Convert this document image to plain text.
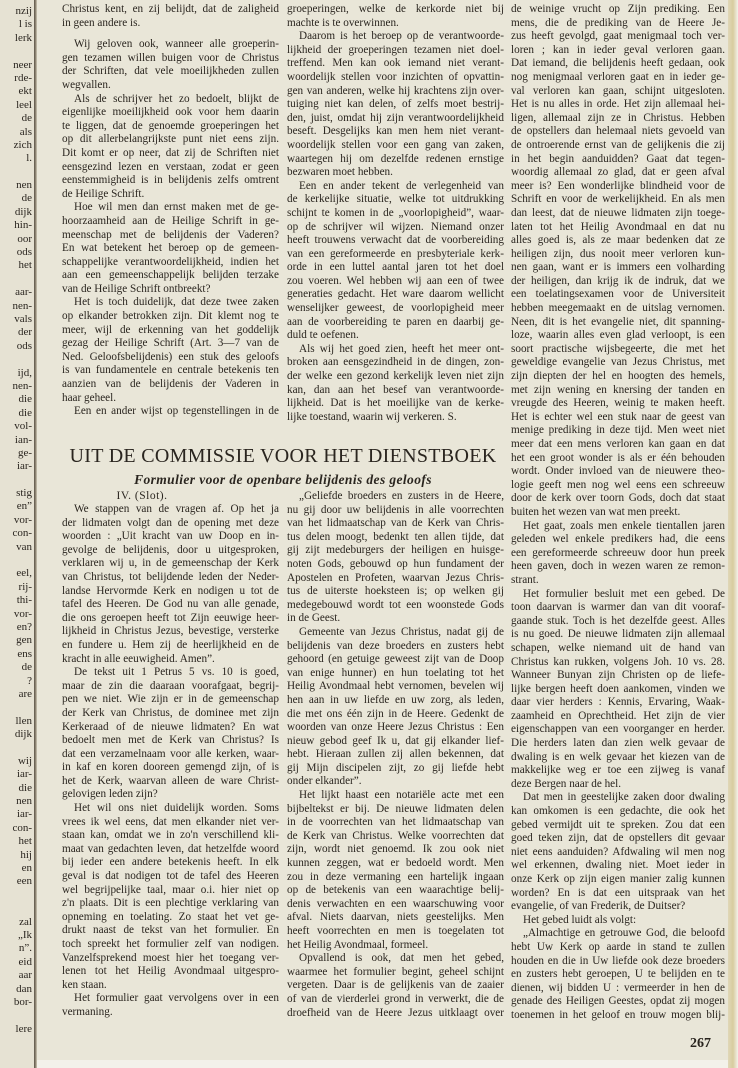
nzij
l is
lerk
neer
rde-
ekt
leel
de
als
zich
l.
nen
de
dijk
hin-
oor
ods
het
aar-
nen-
vals
der
ods
ijd,
nen-
die
die
vol-
ian-
ge-
iar-
stig
en”
vor-
con-
van
eel,
rij-
thi-
vor-
en?
gen
ens
de
?
are
llen
dijk
wij
iar-
die
nen
iar-
con-
het
hij
en
een
zal
„Ik
n”.
eid
aar
dan
bor-
lere
Christus kent, en zij belijdt, dat de zaligheid
in geen andere is.
Wij geloven ook, wanneer alle groeperin-
gen tezamen willen buigen voor de Christus
der Schriften, dat vele moeilijkheden zullen
wegvallen.
Als de schrijver het zo bedoelt, blijkt de
eigenlijke moeilijkheid ook voor hem daarin
te liggen, dat de genoemde groeperingen het
op dit allerbelangrijkste punt niet eens zijn.
Dit komt er op neer, dat zij de Schriften niet
eensgezind lezen en verstaan, zodat er geen
eenstemmigheid is in belijdenis zelfs omtrent
de Heilige Schrift.
Hoe wil men dan ernst maken met de ge-
hoorzaamheid aan de Heilige Schrift in ge-
meenschap met de belijdenis der Vaderen?
En wat betekent het beroep op de gemeen-
schappelijke verantwoordelijkheid, indien het
aan een gemeenschappelijk belijden terzake
van de Heilige Schrift ontbreekt?
Het is toch duidelijk, dat deze twee zaken
op elkander betrokken zijn. Dit klemt nog te
meer, wijl de erkenning van het goddelijk
gezag der Heilige Schrift (Art. 3—7 van de
Ned. Geloofsbelijdenis) een stuk des geloofs
is van fundamentele en centrale betekenis ten
aanzien van de belijdenis der Vaderen in
haar geheel.
Een en ander wijst op tegenstellingen in de
groeperingen, welke de kerkorde niet bij
machte is te overwinnen.
Daarom is het beroep op de verantwoorde-
lijkheid der groeperingen tezamen niet doel-
treffend. Men kan ook iemand niet verant-
woordelijk stellen voor inzichten of opvattin-
gen van anderen, welke hij krachtens zijn over-
tuiging niet kan delen, of zelfs moet bestrij-
den, juist, omdat hij zijn verantwoordelijkheid
beseft. Desgelijks kan men hem niet verant-
woordelijk stellen voor een gang van zaken,
waartegen hij om dezelfde redenen ernstige
bezwaren moet hebben.
Een en ander tekent de verlegenheid van
de kerkelijke situatie, welke tot uitdrukking
schijnt te komen in de „voorlopigheid”, waar-
op de schrijver wil wijzen. Niemand onzer
heeft trouwens verwacht dat de voorbereiding
van een gereformeerde en presbyteriale kerk-
orde in een luttel aantal jaren tot het doel
zou voeren. Wel hebben wij aan een of twee
generaties gedacht. Het ware daarom wellicht
wenselijker geweest, de voorlopigheid meer
aan de voorbereiding te paren en daarbij ge-
duld te oefenen.
Als wij het goed zien, heeft het meer ont-
broken aan eensgezindheid in de dingen, zon-
der welke een gezond kerkelijk leven niet zijn
kan, dan aan het besef van verantwoorde-
lijkheid. Dat is het moeilijke van de kerke-
lijke toestand, waarin wij verkeren. S.
de weinige vrucht op Zijn prediking. Een
mens, die de prediking van de Heere Je-
zus heeft gevolgd, gaat menigmaal toch ver-
loren ; kan in ieder geval verloren gaan.
Dat iemand, die belijdenis heeft gedaan, ook
nog menigmaal verloren gaat en in ieder ge-
val verloren kan gaan, schijnt uitgesloten.
Het is nu alles in orde. Het zijn allemaal hei-
ligen, allemaal zijn ze in Christus. Hebben
de opstellers dan helemaal niets gevoeld van
de ontroerende ernst van de gelijkenis die zij
in het begin aanduidden? Gaat dat tegen-
woordig allemaal zo glad, dat er geen afval
meer is? Een wonderlijke blindheid voor de
Schrift en voor de werkelijkheid. En als men
dan leest, dat de nieuwe lidmaten zijn toege-
laten tot het Heilig Avondmaal en dat nu
alles goed is, als ze maar bedenken dat ze
heiligen zijn, dus nooit meer verloren kun-
nen gaan, want er is immers een volharding
der heiligen, dan krijg ik de indruk, dat we
een toelatingsexamen voor de Universiteit
hebben meegemaakt en de uitslag vernomen.
Neen, dit is het evangelie niet, dit spanning-
loze, waarin alles even glad verloopt, is een
soort practische wijsbegeerte, die met het
geweldige evangelie van Jezus Christus, met
zijn diepten der hel en hoogten des hemels,
met zijn wening en knersing der tanden en
vreugde des Heeren, weinig te maken heeft.
Het is echter wel een stuk naar de geest van
menige prediking in deze tijd. Men weet niet
meer dat een mens verloren kan gaan en dat
het een groot wonder is als er één behouden
wordt. Onder invloed van de nieuwere theo-
logie geeft men nog wel eens een schreeuw
door de kerk over toorn Gods, doch dat staat
buiten het wezen van wat men preekt.
Het gaat, zoals men enkele tientallen jaren
geleden wel enkele predikers had, die eens
een gereformeerde schreeuw door hun preek
heen gaven, doch in wezen waren ze remon-
strant.
Het formulier besluit met een gebed. De
toon daarvan is warmer dan van dit vooraf-
gaande stuk. Toch is het dezelfde geest. Alles
is nu goed. De nieuwe lidmaten zijn allemaal
schapen, welke niemand uit de hand van
Christus kan rukken, volgens Joh. 10 vs. 28.
Wanneer Bunyan zijn Christen op de liefe-
lijke bergen heeft doen aankomen, vinden we
daar vier herders : Kennis, Ervaring, Waak-
zaamheid en Oprechtheid. Het zijn de vier
eigenschappen van een voorganger en herder.
Die herders laten dan zien welk gevaar de
dwaling is en welk gevaar het kiezen van de
makkelijke weg er toe een zijweg is vanaf
deze Bergen naar de hel.
Dat men in geestelijke zaken door dwaling
kan omkomen is een gedachte, die ook het
gebed vermijdt uit te spreken. Zou dat een
goed teken zijn, dat de opstellers dit gevaar
niet eens aanduiden? Afdwaling wil men nog
wel erkennen, dwaling niet. Moet ieder in
onze Kerk op zijn eigen manier zalig kunnen
worden? En is dat een uitspraak van het
evangelie, of van Frederik, de Duitser?
Het gebed luidt als volgt:
„Almachtige en getrouwe God, die beloofd
hebt Uw Kerk op aarde in stand te zullen
houden en die in Uw liefde ook deze broeders
en zusters hebt geroepen, U te belijden en te
dienen, wij bidden U : vermeerder in hen de
genade des Heiligen Geestes, opdat zij mogen
toenemen in het geloof en trouw mogen blij-
UIT DE COMMISSIE VOOR HET DIENSTBOEK
Formulier voor de openbare belijdenis des geloofs
IV. (Slot).
We stappen van de vragen af. Op het ja
der lidmaten volgt dan de opening met deze
woorden : „Uit kracht van uw Doop en in-
gevolge de belijdenis, door u uitgesproken,
verklaren wij u, in de gemeenschap der Kerk
van Christus, tot belijdende leden der Neder-
landse Hervormde Kerk en nodigen u tot de
tafel des Heeren. De God nu van alle genade,
die ons geroepen heeft tot Zijn eeuwige heer-
lijkheid in Christus Jezus, bevestige, versterke
en fundere u. Hem zij de heerlijkheid en de
kracht in alle eeuwigheid. Amen”.
De tekst uit 1 Petrus 5 vs. 10 is goed,
maar de zin die daaraan voorafgaat, begrij-
pen we niet. Wie zijn er in de gemeenschap
der Kerk van Christus, de dominee met zijn
Kerkeraad of de nieuwe lidmaten? En wat
bedoelt men met de Kerk van Christus? Is
dat een verzamelnaam voor alle kerken, waar-
in kaf en koren dooreen gemengd zijn, of is
het de Kerk, waarvan alleen de ware Christ-
gelovigen leden zijn?
Het wil ons niet duidelijk worden. Soms
vrees ik wel eens, dat men elkander niet ver-
staan kan, omdat we in zo'n verschillend kli-
maat van gedachten leven, dat hetzelfde woord
bij ieder een andere betekenis heeft. In elk
geval is dat nodigen tot de tafel des Heeren
wel begrijpelijke taal, maar o.i. hier niet op
z'n plaats. Dit is een plechtige verklaring van
opneming en toelating. Zo staat het vet ge-
drukt naast de tekst van het formulier. En
toch spreekt het formulier zelf van nodigen.
Vanzelfsprekend moest hier het toegang ver-
lenen tot het Heilig Avondmaal uitgespro-
ken staan.
Het formulier gaat vervolgens over in een
vermaning.
„Geliefde broeders en zusters in de Heere,
nu gij door uw belijdenis in alle voorrechten
van het lidmaatschap van de Kerk van Chris-
tus delen moogt, bedenkt ten allen tijde, dat
gij zijt medeburgers der heiligen en huisge-
noten Gods, gebouwd op hun fundament der
Apostelen en Profeten, waarvan Jezus Chris-
tus de uiterste hoeksteen is; op welken gij
medegebouwd wordt tot een woonstede Gods
in de Geest.
Gemeente van Jezus Christus, nadat gij de
belijdenis van deze broeders en zusters hebt
gehoord (en getuige geweest zijt van de Doop
van enige hunner) en hun toelating tot het
Heilig Avondmaal hebt vernomen, bevelen wij
hen aan in uw liefde en uw zorg, als leden,
die met ons één zijn in de Heere. Gedenkt de
woorden van onze Heere Jezus Christus : Een
nieuw gebod geef Ik u, dat gij elkander lief-
hebt. Hieraan zullen zij allen bekennen, dat
gij Mijn discipelen zijt, zo gij liefde hebt
onder elkander”.
Het lijkt haast een notariële acte met een
bijbeltekst er bij. De nieuwe lidmaten delen
in de voorrechten van het lidmaatschap van
de Kerk van Christus. Welke voorrechten dat
zijn, wordt niet genoemd. Ik zou ook niet
kunnen zeggen, wat er bedoeld wordt. Men
zou in deze vermaning een hartelijk ingaan
op de betekenis van een waarachtige belij-
denis verwachten en een waarschuwing voor
afval. Niets daarvan, niets geestelijks. Men
heeft voorrechten en men is toegelaten tot
het Heilig Avondmaal, formeel.
Opvallend is ook, dat men het gebed,
waarmee het formulier begint, geheel schijnt
vergeten. Daar is de gelijkenis van de zaaier
of van de vierderlei grond in verwerkt, die de
droefheid van de Heere Jezus uitklaagt over
267
